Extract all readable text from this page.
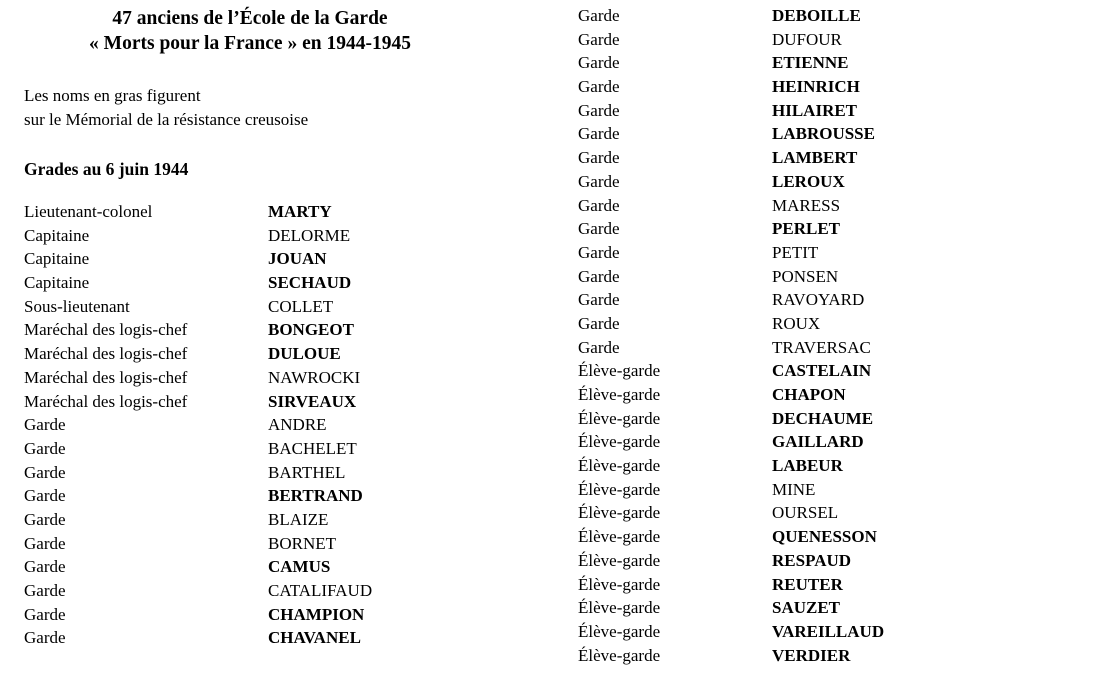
47 anciens de l’École de la Garde
« Morts pour la France » en 1944-1945
Les noms en gras figurent
sur le Mémorial de la résistance creusoise
Grades au 6 juin 1944
Lieutenant-colonel	MARTY
Capitaine	DELORME
Capitaine	JOUAN
Capitaine	SECHAUD
Sous-lieutenant	COLLET
Maréchal des logis-chef	BONGEOT
Maréchal des logis-chef	DULOUE
Maréchal des logis-chef	NAWROCKI
Maréchal des logis-chef	SIRVEAUX
Garde	ANDRE
Garde	BACHELET
Garde	BARTHEL
Garde	BERTRAND
Garde	BLAIZE
Garde	BORNET
Garde	CAMUS
Garde	CATALIFAUD
Garde	CHAMPION
Garde	CHAVANEL
Garde	DEBOILLE
Garde	DUFOUR
Garde	ETIENNE
Garde	HEINRICH
Garde	HILAIRET
Garde	LABROUSSE
Garde	LAMBERT
Garde	LEROUX
Garde	MARESS
Garde	PERLET
Garde	PETIT
Garde	PONSEN
Garde	RAVOYARD
Garde	ROUX
Garde	TRAVERSAC
Élève-garde	CASTELAIN
Élève-garde	CHAPON
Élève-garde	DECHAUME
Élève-garde	GAILLARD
Élève-garde	LABEUR
Élève-garde	MINE
Élève-garde	OURSEL
Élève-garde	QUENESSON
Élève-garde	RESPAUD
Élève-garde	REUTER
Élève-garde	SAUZET
Élève-garde	VAREILLAUD
Élève-garde	VERDIER
